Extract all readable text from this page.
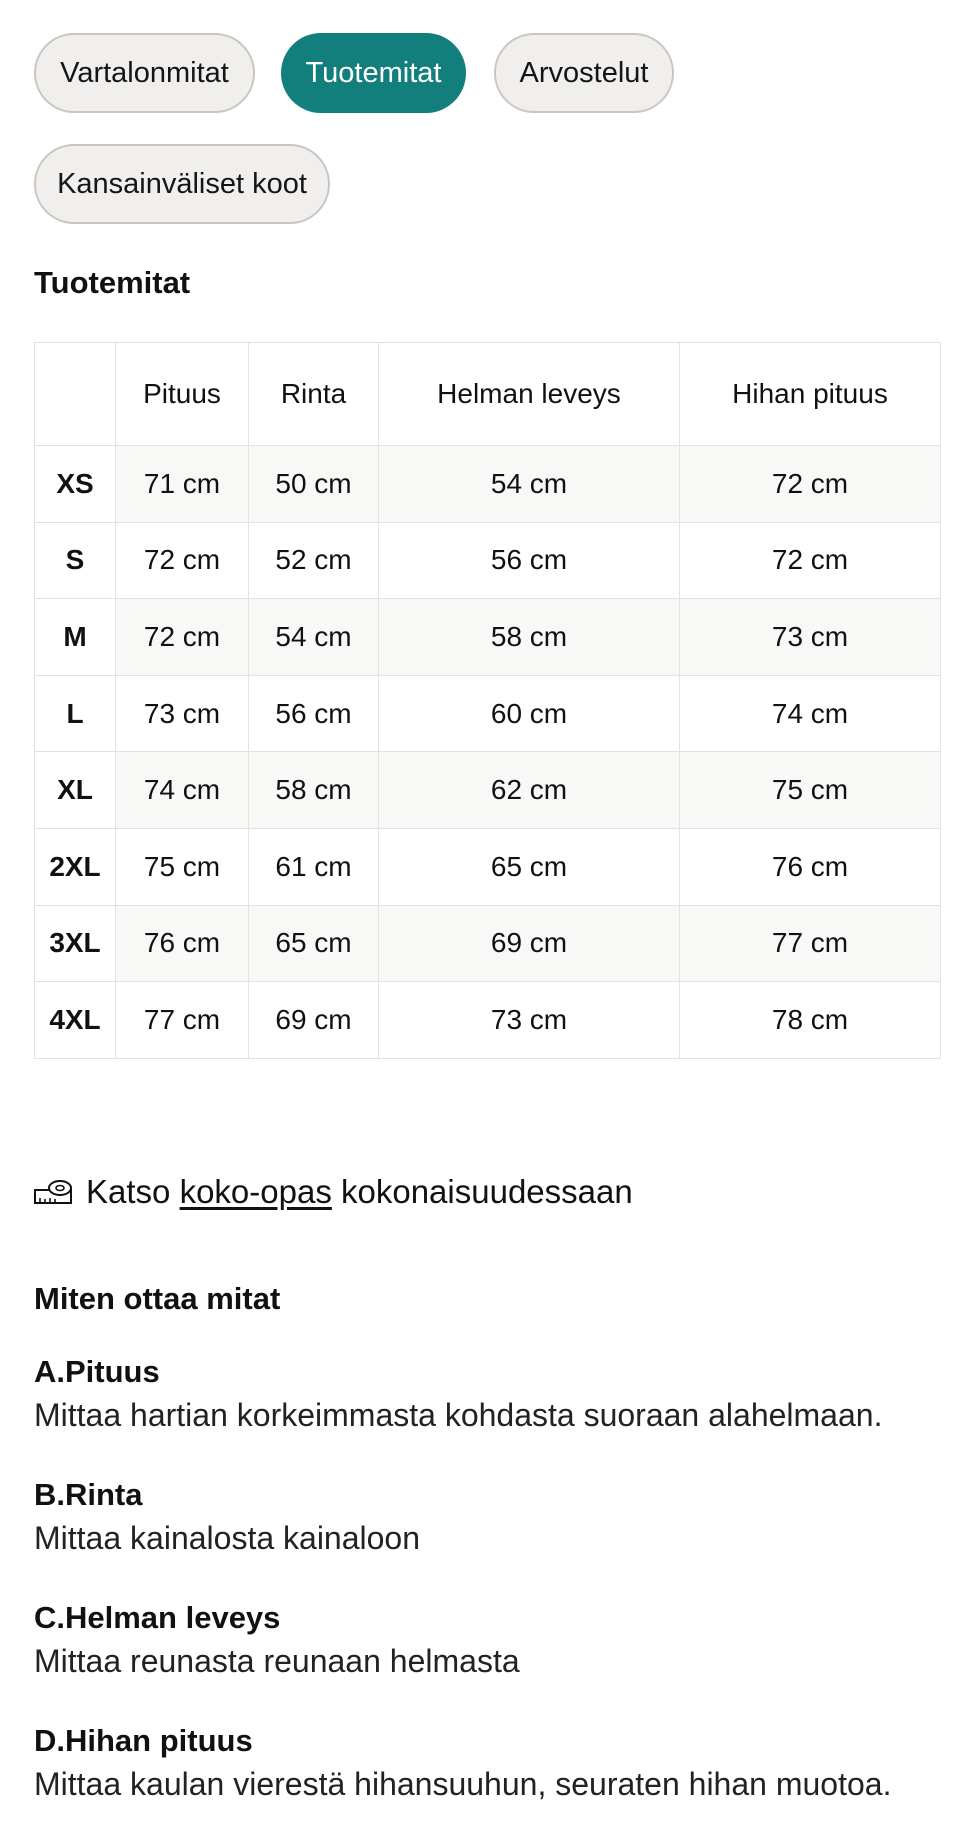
Vartalonmitat	Tuotemitat	Arvostelut
Kansainväliset koot
Tuotemitat
	Pituus	Rinta	Helman leveys	Hihan pituus
XS	71 cm	50 cm	54 cm	72 cm
S	72 cm	52 cm	56 cm	72 cm
M	72 cm	54 cm	58 cm	73 cm
L	73 cm	56 cm	60 cm	74 cm
XL	74 cm	58 cm	62 cm	75 cm
2XL	75 cm	61 cm	65 cm	76 cm
3XL	76 cm	65 cm	69 cm	77 cm
4XL	77 cm	69 cm	73 cm	78 cm
Katso
koko-opas
kokonaisuudessaan
Miten ottaa mitat
A.Pituus
Mittaa hartian korkeimmasta kohdasta suoraan alahelmaan.
B.Rinta
Mittaa kainalosta kainaloon
C.Helman leveys
Mittaa reunasta reunaan helmasta
D.Hihan pituus
Mittaa kaulan vierestä hihansuuhun, seuraten hihan muotoa.
